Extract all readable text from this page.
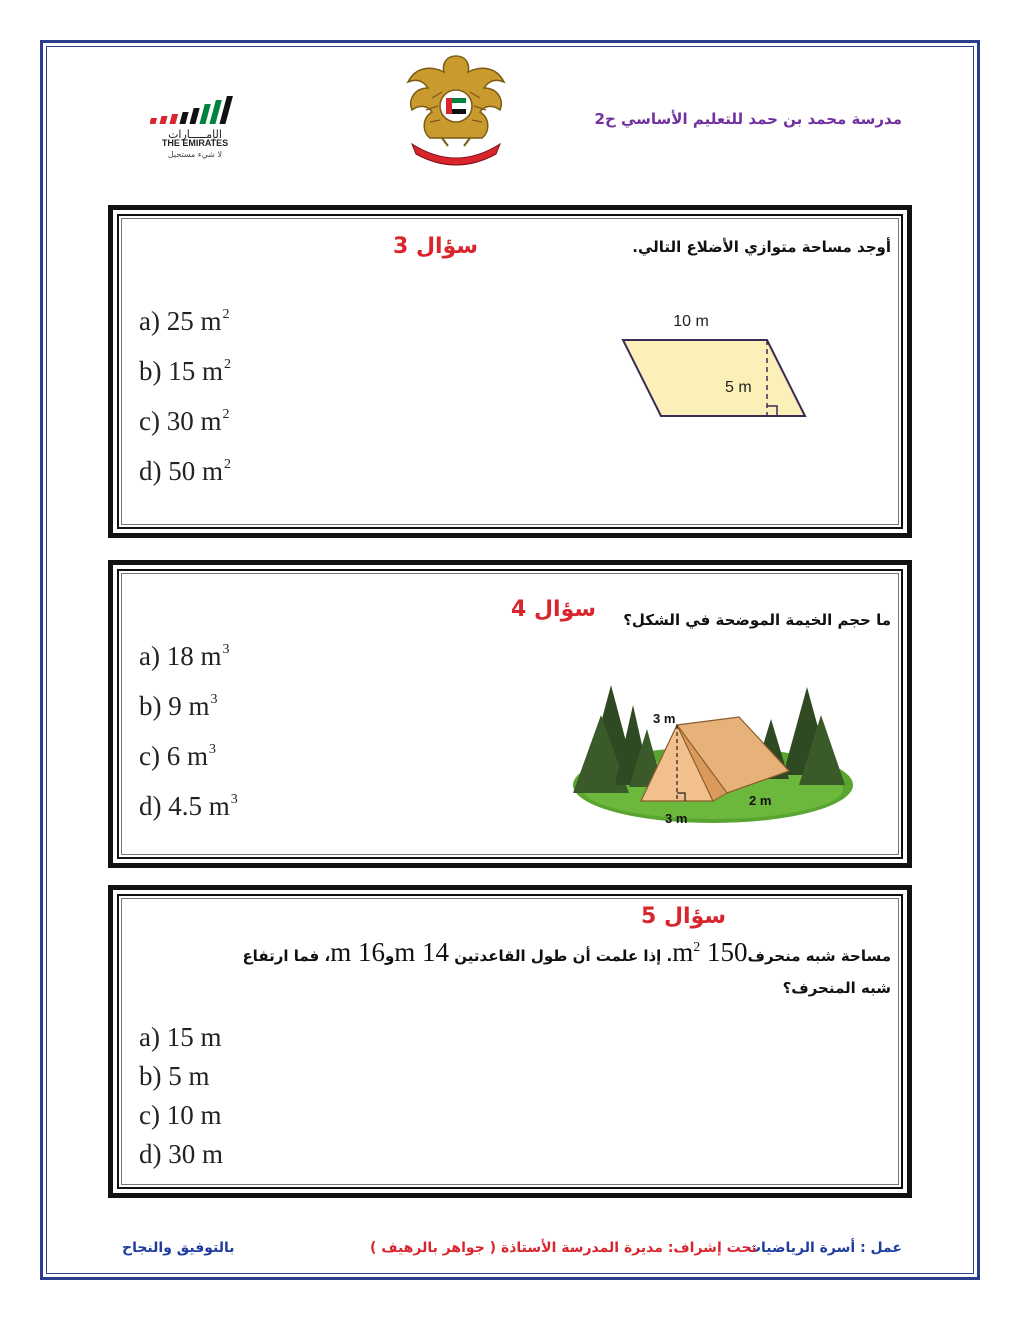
مدرسة محمد بن حمد للتعليم الأساسي ح2
الإمـــــارات
THE EMIRATES
لا شيء مستحيل
أوجد مساحة متوازي الأضلاع التالي.
سؤال 3
a) 25 $m^2$
b) 15 $m^2$
c) 30 $m^2$
d) 50 $m^2$
10 m
5 m
ما حجم الخيمة الموضحة في الشكل؟
سؤال 4
a) 18 $m^3$
b) 9 $m^3$
c) 6 $m^3$
d) 4.5 $m^3$
3 m
3 m
2 m
سؤال 5
مساحة شبه منحرف150 $m^2$. إذا علمت أن طول القاعدتين 14 mو16 m، فما ارتفاع شبه المنحرف؟
a) 15 m
b) 5 m
c) 10 m
d) 30 m
عمل : أسرة الرياضيات
تحت إشراف: مديرة المدرسة الأستاذة ( جواهر بالرهيف )
بالتوفيق والنجاح
